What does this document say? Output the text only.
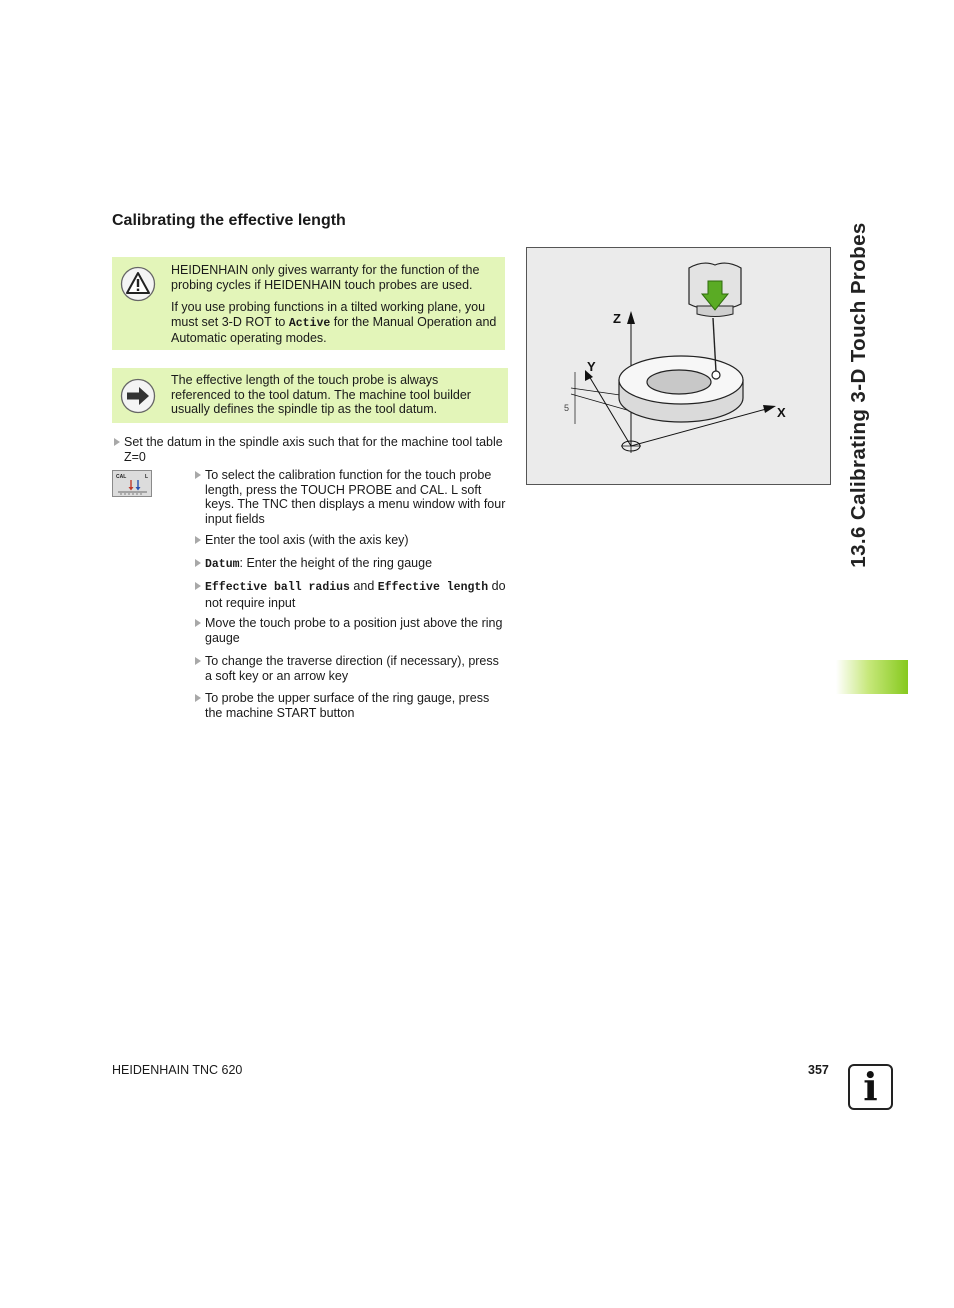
Calibrating the effective length
HEIDENHAIN only gives warranty for the function of the probing cycles if HEIDENHAIN touch probes are used.
If you use probing functions in a tilted working plane, you must set 3-D ROT to Active for the Manual Operation and Automatic operating modes.
The effective length of the touch probe is always referenced to the tool datum. The machine tool builder usually defines the spindle tip as the tool datum.
Set the datum in the spindle axis such that for the machine tool table Z=0
CAL	L	To select the calibration function for the touch probe length, press the TOUCH PROBE and CAL. L soft keys. The TNC then displays a menu window with four input fields
Enter the tool axis (with the axis key)
Datum: Enter the height of the ring gauge
Effective ball radius and Effective length do not require input
Move the touch probe to a position just above the ring gauge
To change the traverse direction (if necessary), press a soft key or an arrow key
To probe the upper surface of the ring gauge, press the machine START button
Z
Y
X
5	13.6 Calibrating 3-D Touch Probes
HEIDENHAIN TNC 620	357 i
